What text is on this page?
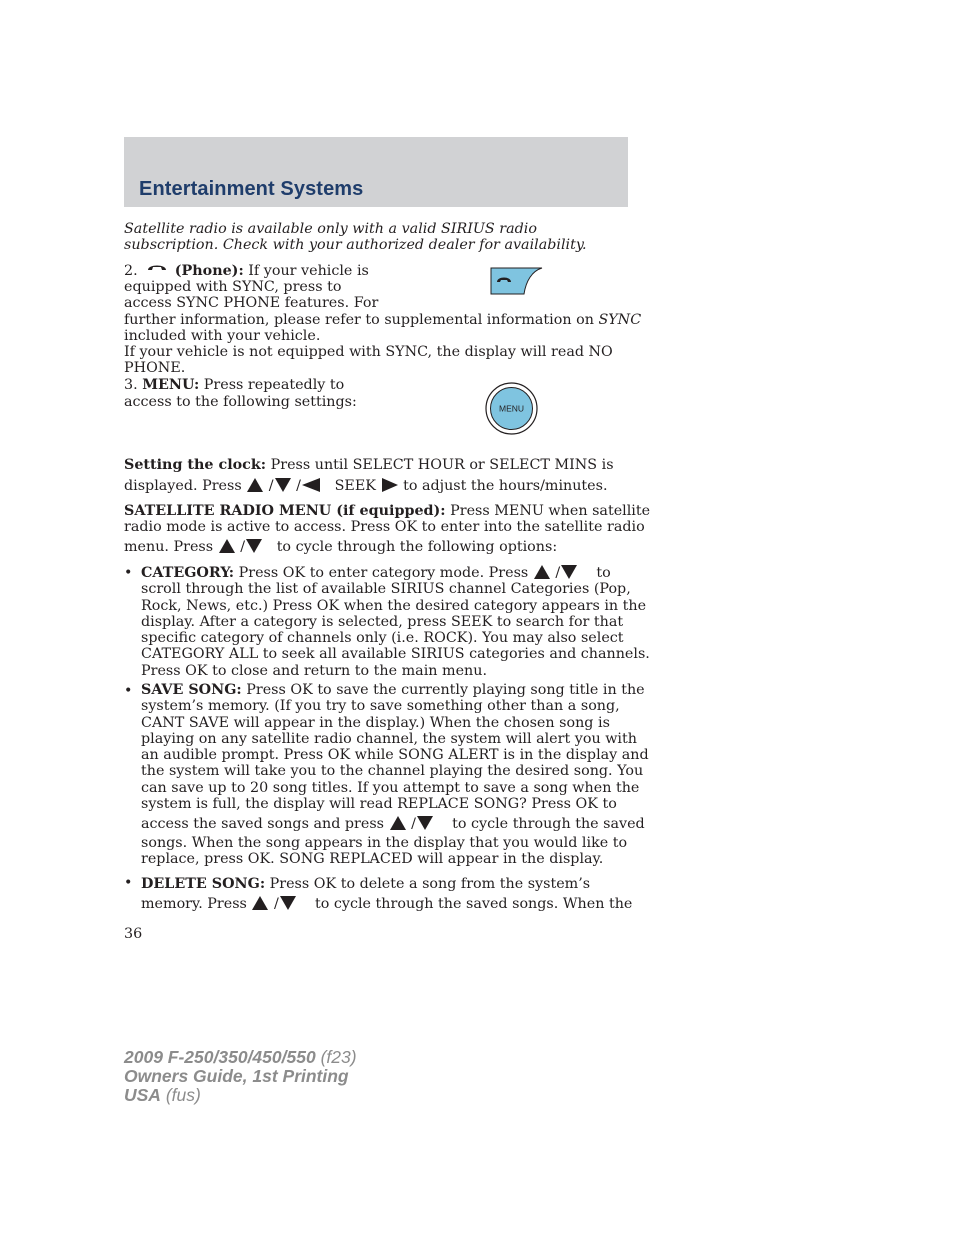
Entertainment Systems
Satellite radio is available only with a valid SIRIUS radio
subscription. Check with your authorized dealer for availability.
2.	(Phone): If your vehicle is
equipped with SYNC, press to
access SYNC PHONE features. For
further information, please refer to supplemental information on SYNC
included with your vehicle.
If your vehicle is not equipped with SYNC, the display will read NO
PHONE.
3. MENU: Press repeatedly to
access to the following settings:	MENU
Setting the clock: Press until SELECT HOUR or SELECT MINS is
displayed. Press / / SEEK to adjust the hours/minutes.
SATELLITE RADIO MENU (if equipped): Press MENU when satellite
radio mode is active to access. Press OK to enter into the satellite radio
menu. Press / to cycle through the following options:
• CATEGORY: Press OK to enter category mode. Press /	to
scroll through the list of available SIRIUS channel Categories (Pop,
Rock, News, etc.) Press OK when the desired category appears in the
display. After a category is selected, press SEEK to search for that
specific category of channels only (i.e. ROCK). You may also select
CATEGORY ALL to seek all available SIRIUS categories and channels.
Press OK to close and return to the main menu.
• SAVE SONG: Press OK to save the currently playing song title in the
system’s memory. (If you try to save something other than a song,
CANT SAVE will appear in the display.) When the chosen song is
playing on any satellite radio channel, the system will alert you with
an audible prompt. Press OK while SONG ALERT is in the display and
the system will take you to the channel playing the desired song. You
can save up to 20 song titles. If you attempt to save a song when the
system is full, the display will read REPLACE SONG? Press OK to
access the saved songs and press /	to cycle through the saved
songs. When the song appears in the display that you would like to
replace, press OK. SONG REPLACED will appear in the display.
• DELETE SONG: Press OK to delete a song from the system’s
memory. Press /	to cycle through the saved songs. When the
36
2009 F-250/350/450/550 (f23)
Owners Guide, 1st Printing
USA (fus)
